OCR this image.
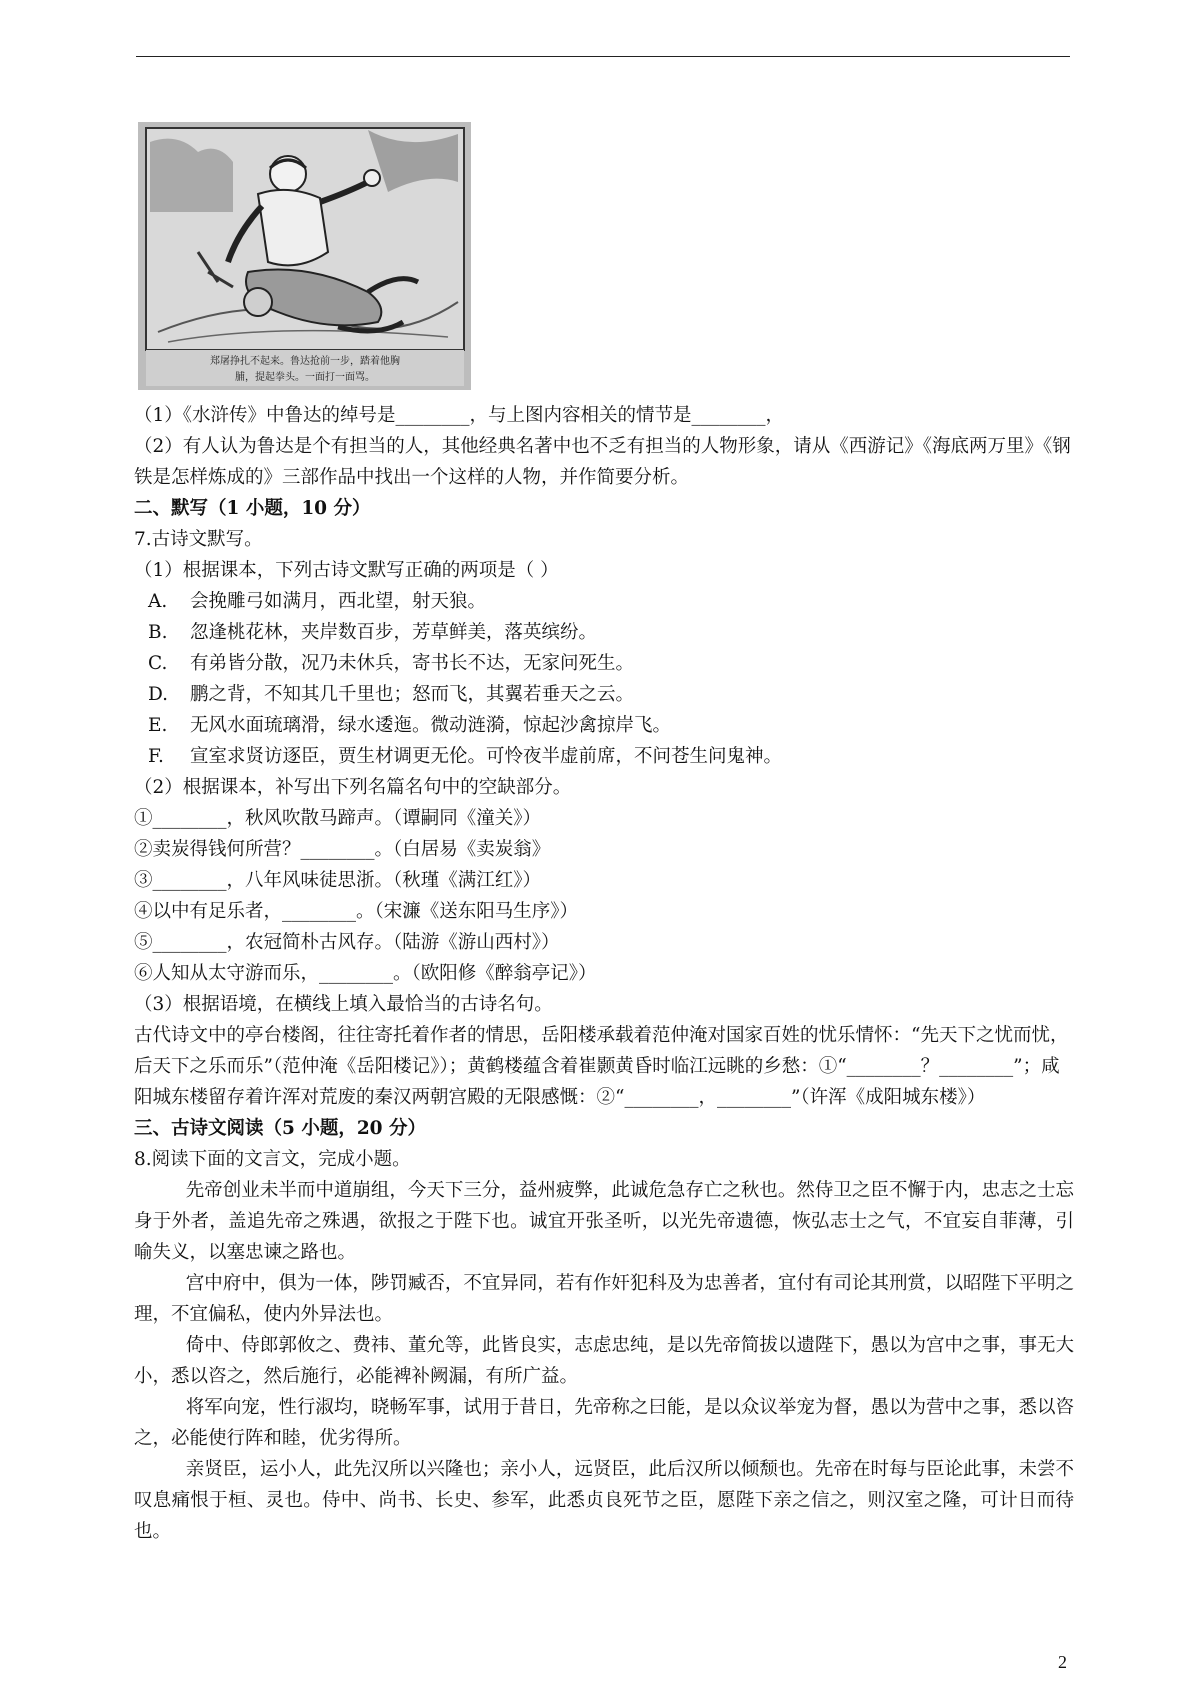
郑屠挣扎不起来。鲁达抢前一步，踏着他胸
脯，提起拳头。一面打一面骂。
（1）《水浒传》中鲁达的绰号是________，与上图内容相关的情节是________，
（2）有人认为鲁达是个有担当的人，其他经典名著中也不乏有担当的人物形象，请从《西游记》《海底两万里》《钢铁是怎样炼成的》三部作品中找出一个这样的人物，并作简要分析。
二、默写（1 小题，10 分）
7.古诗文默写。
（1）根据课本，下列古诗文默写正确的两项是（ ）
A. 会挽雕弓如满月，西北望，射天狼。
B. 忽逢桃花林，夹岸数百步，芳草鲜美，落英缤纷。
C. 有弟皆分散，况乃未休兵，寄书长不达，无家问死生。
D. 鹏之背，不知其几千里也；怒而飞，其翼若垂天之云。
E. 无风水面琉璃滑，绿水逶迤。微动涟漪，惊起沙禽掠岸飞。
F. 宣室求贤访逐臣，贾生材调更无伦。可怜夜半虚前席，不问苍生问鬼神。
（2）根据课本，补写出下列名篇名句中的空缺部分。
①________，秋风吹散马蹄声。（谭嗣同《潼关》）
②卖炭得钱何所营？________。（白居易《卖炭翁》
③________，八年风味徒思浙。（秋瑾《满江红》）
④以中有足乐者，________。（宋濂《送东阳马生序》）
⑤________，农冠简朴古风存。（陆游《游山西村》）
⑥人知从太守游而乐，________。（欧阳修《醉翁亭记》）
（3）根据语境，在横线上填入最恰当的古诗名句。
古代诗文中的亭台楼阁，往往寄托着作者的情思，岳阳楼承载着范仲淹对国家百姓的忧乐情怀：“先天下之忧而忧，后天下之乐而乐”（范仲淹《岳阳楼记》）；黄鹤楼蕴含着崔颢黄昏时临江远眺的乡愁：①“________？________”；咸阳城东楼留存着许浑对荒废的秦汉两朝宫殿的无限感慨：②“________，________”（许浑《成阳城东楼》）
三、古诗文阅读（5 小题，20 分）
8.阅读下面的文言文，完成小题。
先帝创业未半而中道崩组，今天下三分，益州疲弊，此诚危急存亡之秋也。然侍卫之臣不懈于内，忠志之士忘身于外者，盖追先帝之殊遇，欲报之于陛下也。诚宜开张圣听，以光先帝遗德，恢弘志士之气，不宜妄自菲薄，引喻失义，以塞忠谏之路也。
宫中府中，俱为一体，陟罚臧否，不宜异同，若有作奸犯科及为忠善者，宜付有司论其刑赏，以昭陛下平明之理，不宜偏私，使内外异法也。
倚中、侍郎郭攸之、费祎、董允等，此皆良实，志虑忠纯，是以先帝简拔以遗陛下，愚以为宫中之事，事无大小，悉以咨之，然后施行，必能裨补阙漏，有所广益。
将军向宠，性行淑均，晓畅军事，试用于昔日，先帝称之曰能，是以众议举宠为督，愚以为营中之事，悉以咨之，必能使行阵和睦，优劣得所。
亲贤臣，运小人，此先汉所以兴隆也；亲小人，远贤臣，此后汉所以倾颓也。先帝在时每与臣论此事，未尝不叹息痛恨于桓、灵也。侍中、尚书、长史、参军，此悉贞良死节之臣，愿陛下亲之信之，则汉室之隆，可计日而待也。
2
